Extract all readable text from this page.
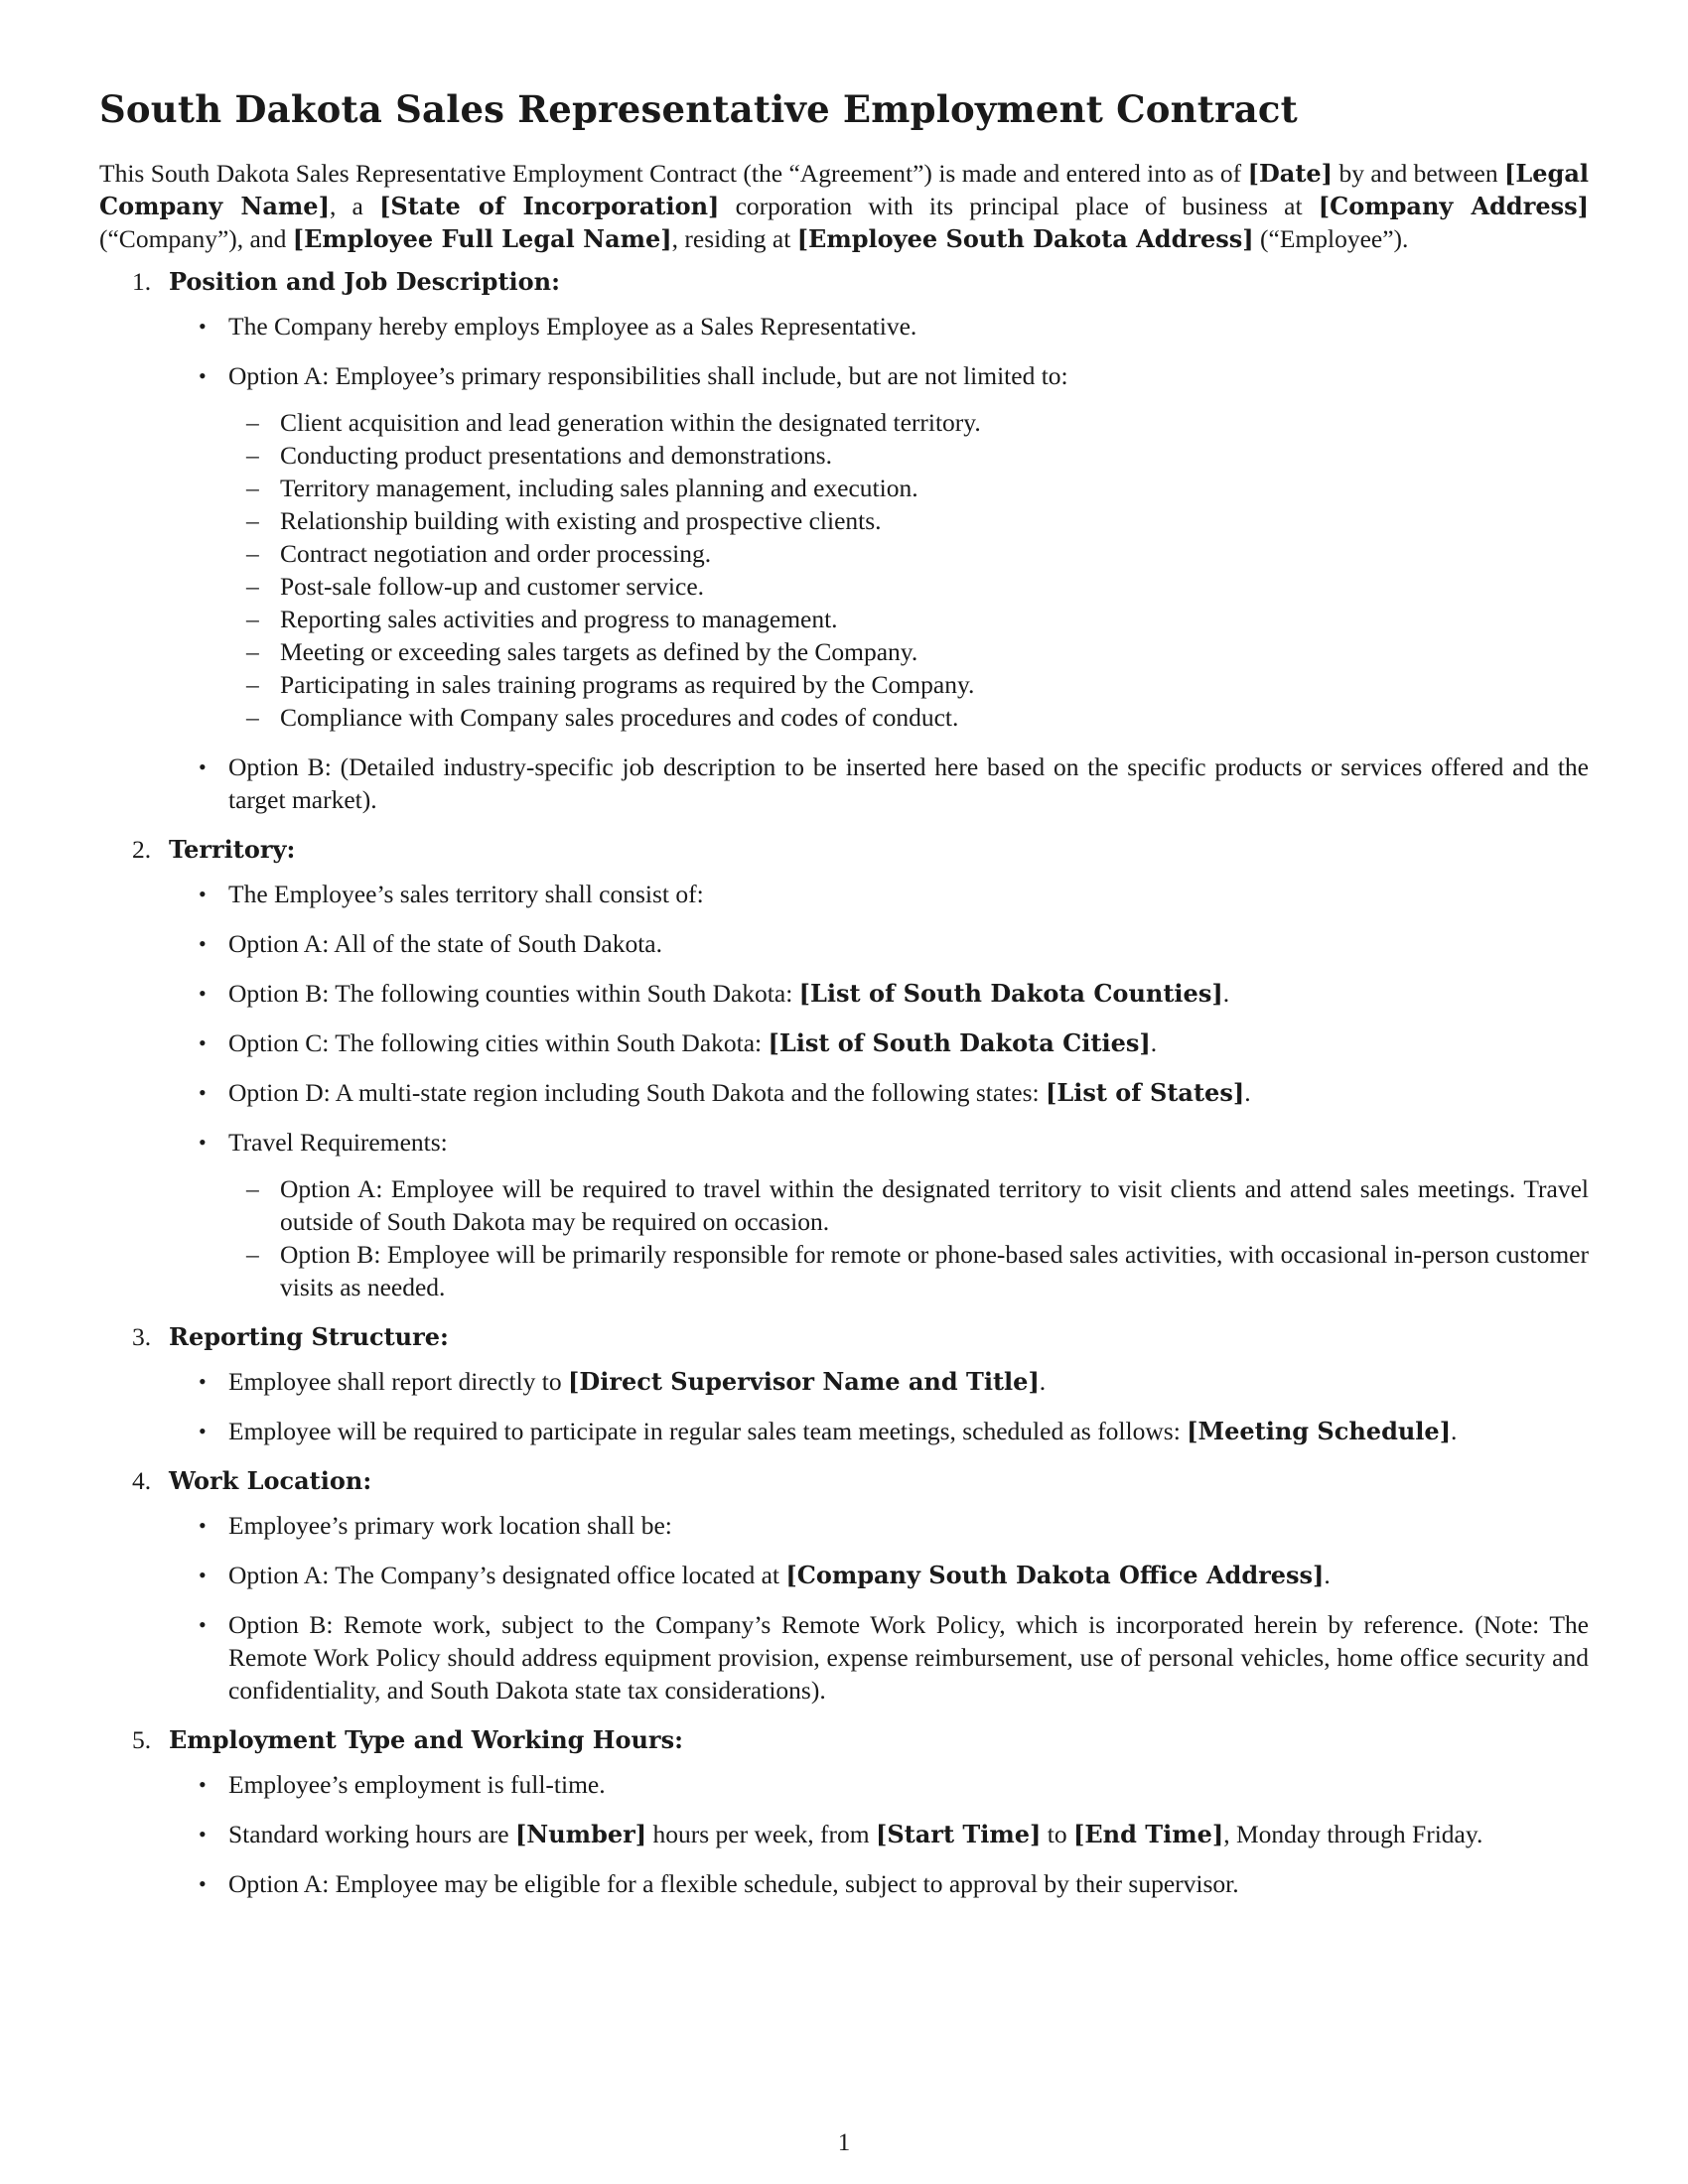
South Dakota Sales Representative Employment Contract

This South Dakota Sales Representative Employment Contract (the “Agreement”) is made and entered into as of [Date] by and between [Legal Company Name], a [State of Incorporation] corporation with its principal place of business at [Company Address] (“Company”), and [Employee Full Legal Name], residing at [Employee South Dakota Address] (“Employee”).

1. Position and Job Description:
• The Company hereby employs Employee as a Sales Representative.
• Option A: Employee’s primary responsibilities shall include, but are not limited to:
– Client acquisition and lead generation within the designated territory.
– Conducting product presentations and demonstrations.
– Territory management, including sales planning and execution.
– Relationship building with existing and prospective clients.
– Contract negotiation and order processing.
– Post-sale follow-up and customer service.
– Reporting sales activities and progress to management.
– Meeting or exceeding sales targets as defined by the Company.
– Participating in sales training programs as required by the Company.
– Compliance with Company sales procedures and codes of conduct.
• Option B: (Detailed industry-specific job description to be inserted here based on the specific products or services offered and the target market).
2. Territory:
• The Employee’s sales territory shall consist of:
• Option A: All of the state of South Dakota.
• Option B: The following counties within South Dakota: [List of South Dakota Counties].
• Option C: The following cities within South Dakota: [List of South Dakota Cities].
• Option D: A multi-state region including South Dakota and the following states: [List of States].
• Travel Requirements:
– Option A: Employee will be required to travel within the designated territory to visit clients and attend sales meetings. Travel outside of South Dakota may be required on occasion.
– Option B: Employee will be primarily responsible for remote or phone-based sales activities, with occasional in-person customer visits as needed.
3. Reporting Structure:
• Employee shall report directly to [Direct Supervisor Name and Title].
• Employee will be required to participate in regular sales team meetings, scheduled as follows: [Meeting Schedule].
4. Work Location:
• Employee’s primary work location shall be:
• Option A: The Company’s designated office located at [Company South Dakota Office Address].
• Option B: Remote work, subject to the Company’s Remote Work Policy, which is incorporated herein by reference. (Note: The Remote Work Policy should address equipment provision, expense reimbursement, use of personal vehicles, home office security and confidentiality, and South Dakota state tax considerations).
5. Employment Type and Working Hours:
• Employee’s employment is full-time.
• Standard working hours are [Number] hours per week, from [Start Time] to [End Time], Monday through Friday.
• Option A: Employee may be eligible for a flexible schedule, subject to approval by their supervisor.
1
